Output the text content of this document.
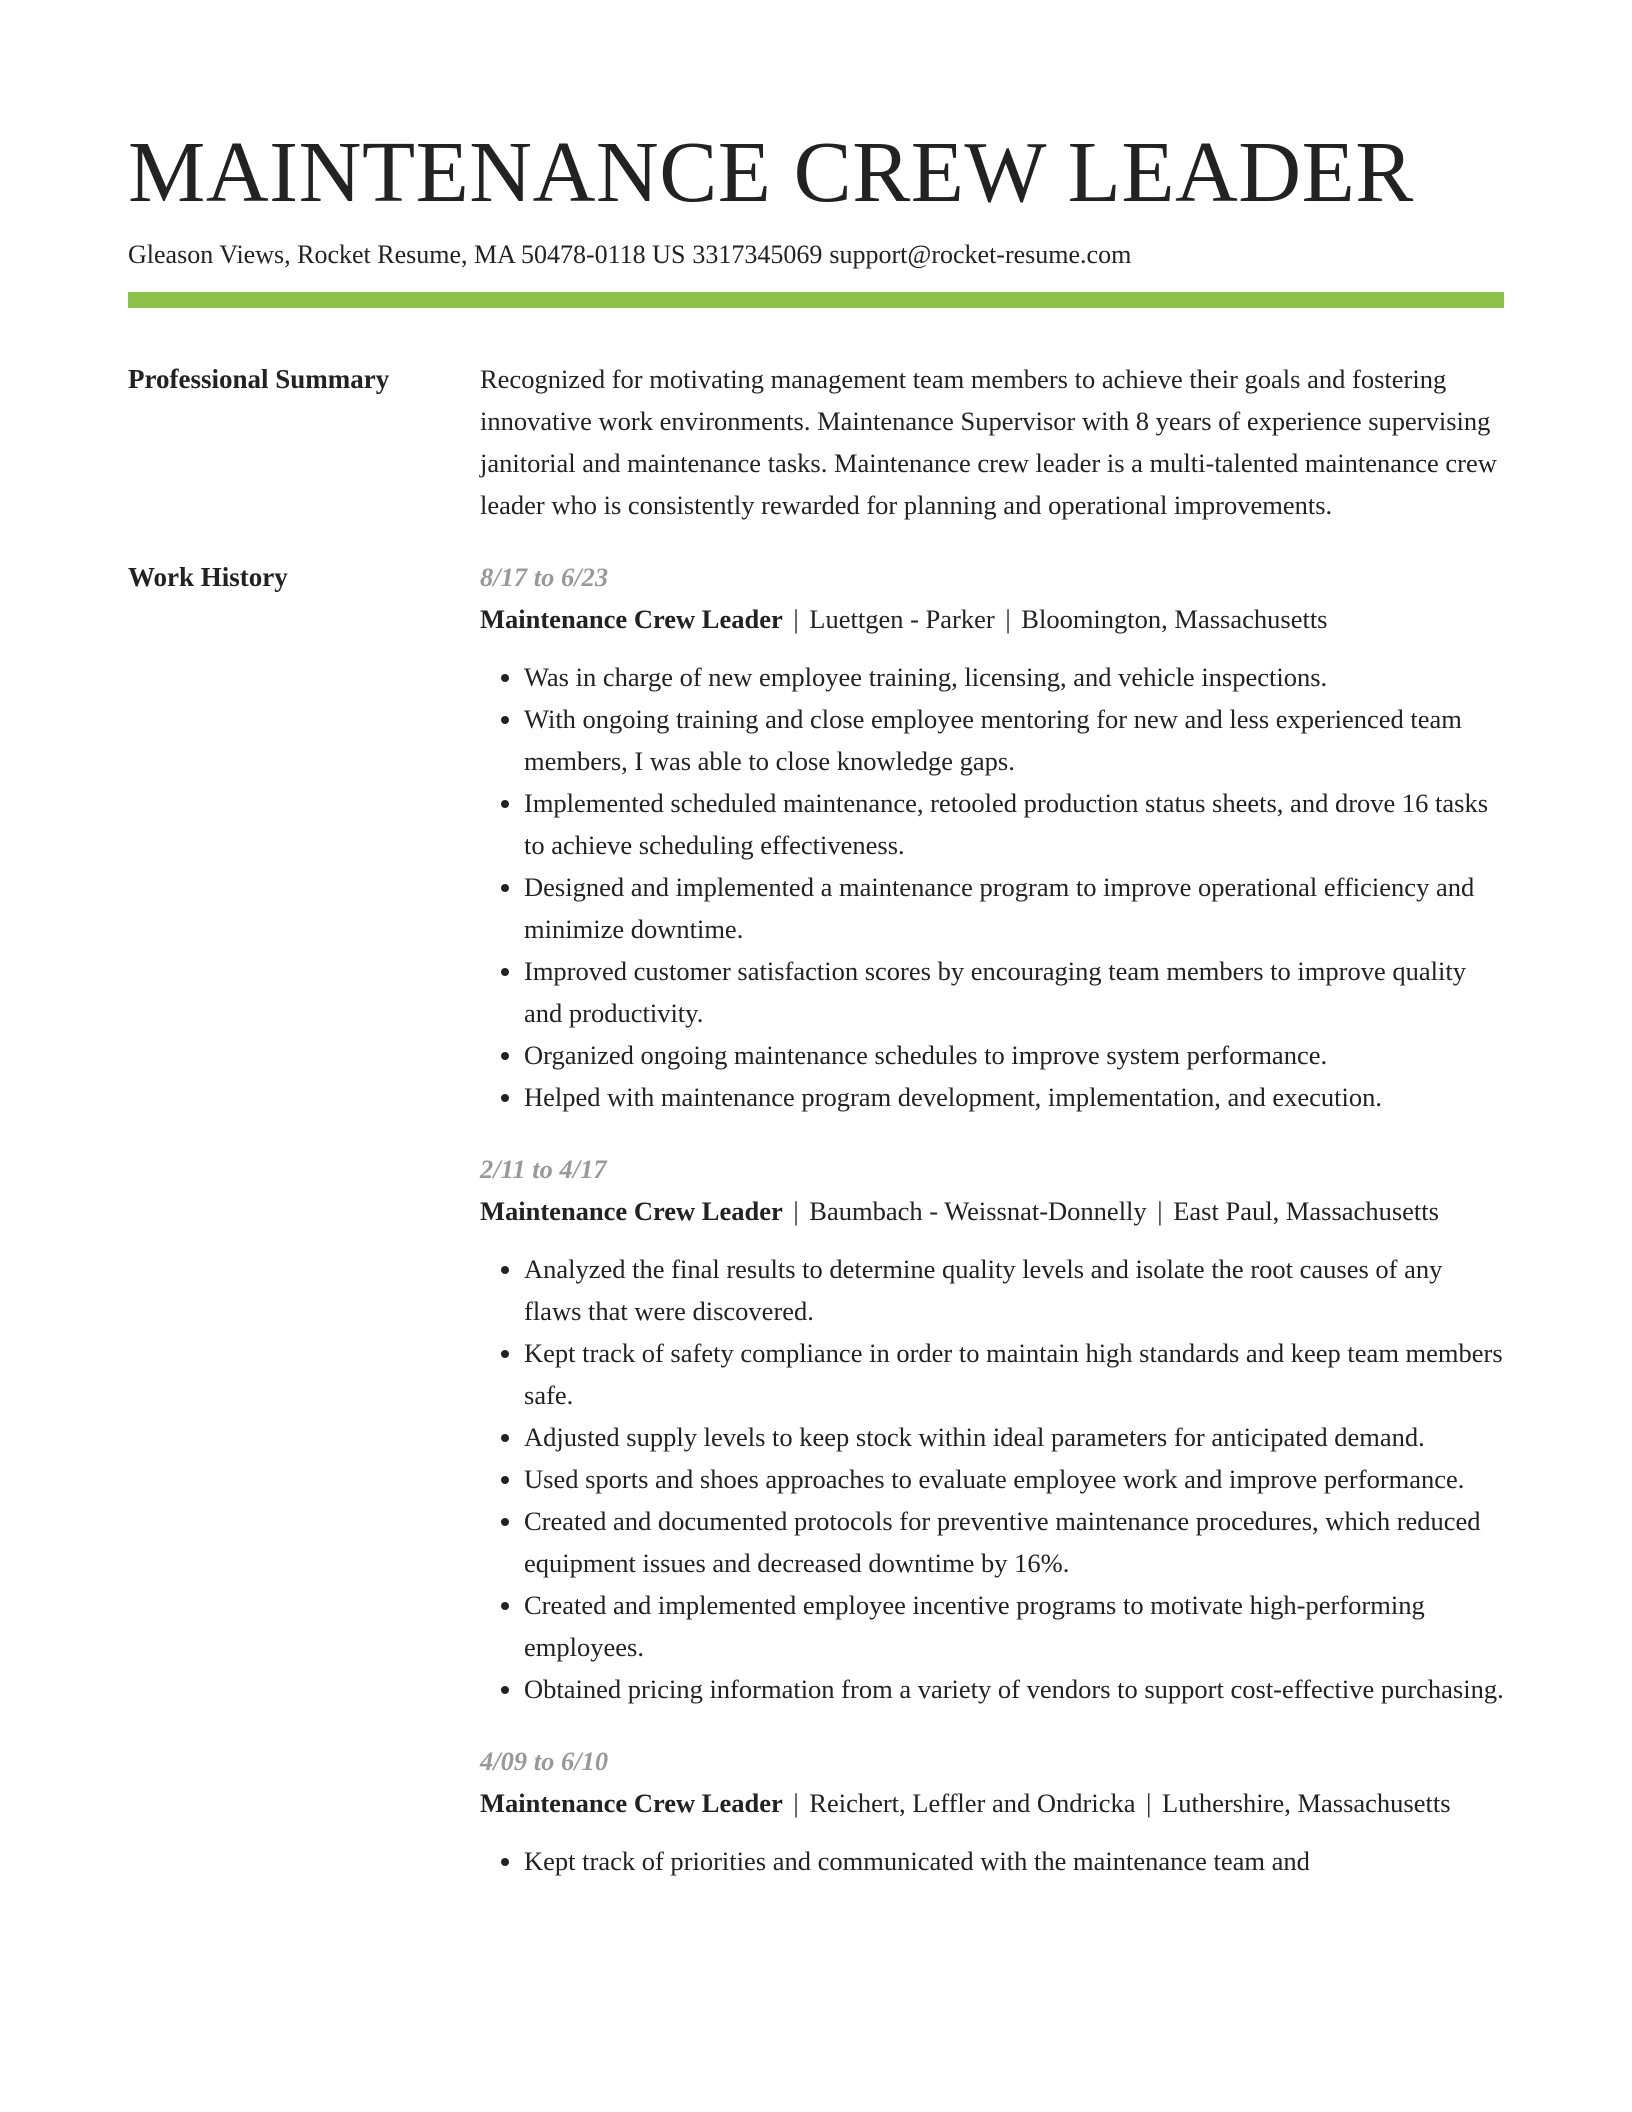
MAINTENANCE CREW LEADER
Gleason Views, Rocket Resume, MA 50478-0118 US 3317345069 support@rocket-resume.com
Professional Summary	Recognized for motivating management team members to achieve their goals and fostering innovative work environments. Maintenance Supervisor with 8 years of experience supervising janitorial and maintenance tasks. Maintenance crew leader is a multi-talented maintenance crew leader who is consistently rewarded for planning and operational improvements.

Work History	8/17 to 6/23
Maintenance Crew Leader | Luettgen - Parker | Bloomington, Massachusetts
• Was in charge of new employee training, licensing, and vehicle inspections.
• With ongoing training and close employee mentoring for new and less experienced team members, I was able to close knowledge gaps.
• Implemented scheduled maintenance, retooled production status sheets, and drove 16 tasks to achieve scheduling effectiveness.
• Designed and implemented a maintenance program to improve operational efficiency and minimize downtime.
• Improved customer satisfaction scores by encouraging team members to improve quality and productivity.
• Organized ongoing maintenance schedules to improve system performance.
• Helped with maintenance program development, implementation, and execution.
2/11 to 4/17
Maintenance Crew Leader | Baumbach - Weissnat-Donnelly | East Paul, Massachusetts
• Analyzed the final results to determine quality levels and isolate the root causes of any flaws that were discovered.
• Kept track of safety compliance in order to maintain high standards and keep team members safe.
• Adjusted supply levels to keep stock within ideal parameters for anticipated demand.
• Used sports and shoes approaches to evaluate employee work and improve performance.
• Created and documented protocols for preventive maintenance procedures, which reduced equipment issues and decreased downtime by 16%.
• Created and implemented employee incentive programs to motivate high-performing employees.
• Obtained pricing information from a variety of vendors to support cost-effective purchasing.
4/09 to 6/10
Maintenance Crew Leader | Reichert, Leffler and Ondricka | Luthershire, Massachusetts
• Kept track of priorities and communicated with the maintenance team and
